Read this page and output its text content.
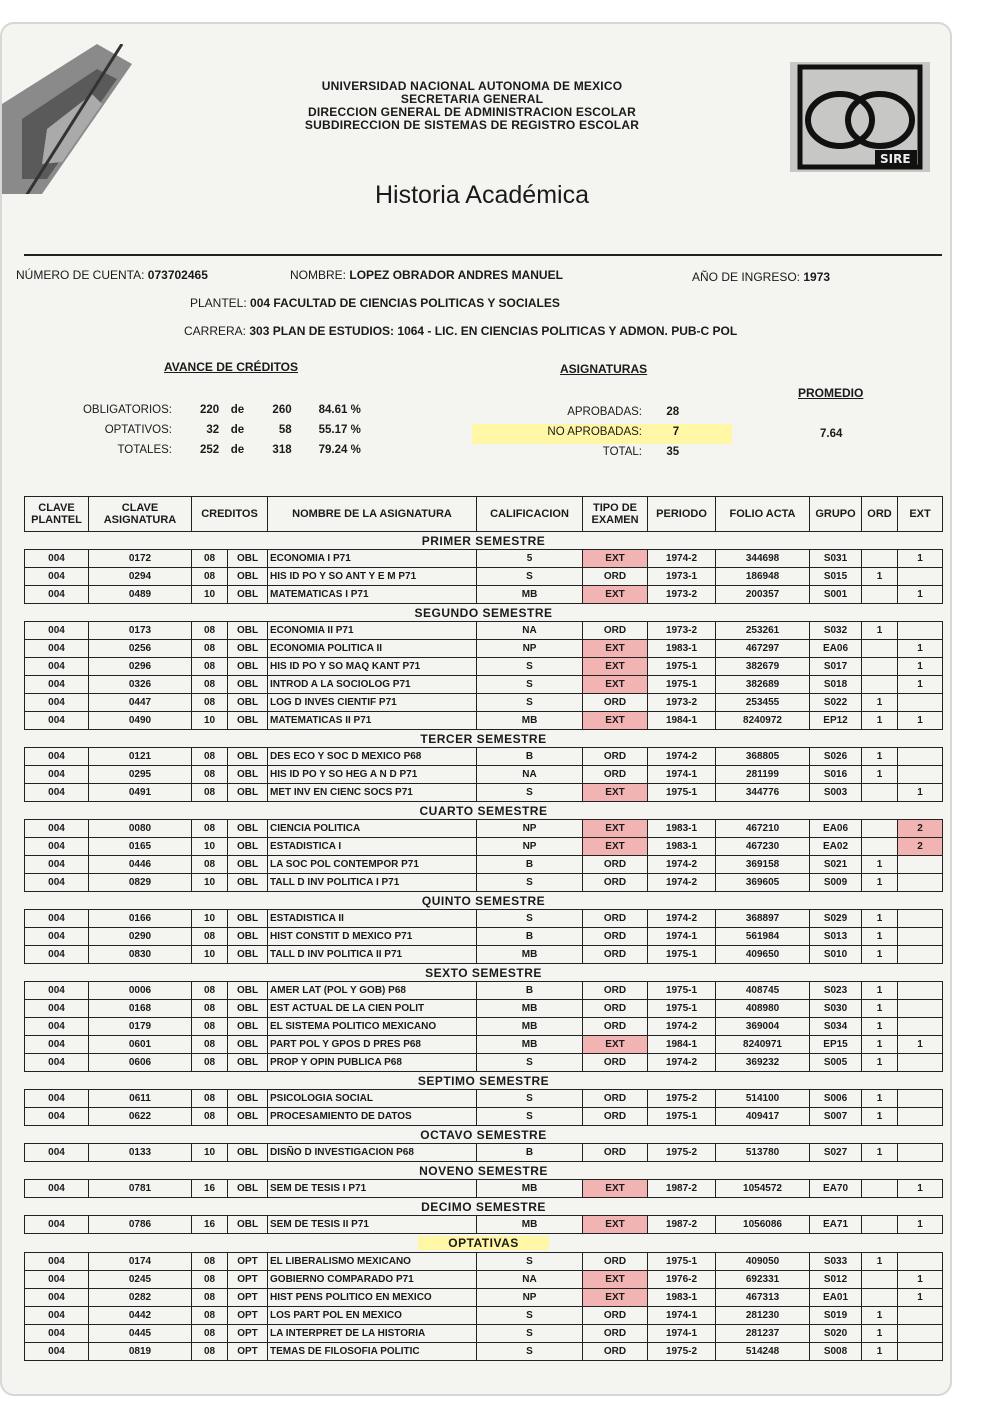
SIRE
UNIVERSIDAD NACIONAL AUTONOMA DE MEXICO
SECRETARIA GENERAL
DIRECCION GENERAL DE ADMINISTRACION ESCOLAR
SUBDIRECCION DE SISTEMAS DE REGISTRO ESCOLAR
Historia Académica
NÚMERO DE CUENTA: 073702465	NOMBRE: LOPEZ OBRADOR ANDRES MANUEL	AÑO DE INGRESO: 1973
PLANTEL: 004 FACULTAD DE CIENCIAS POLITICAS Y SOCIALES
CARRERA: 303 PLAN DE ESTUDIOS: 1064 - LIC. EN CIENCIAS POLITICAS Y ADMON. PUB-C POL
AVANCE DE CRÉDITOS	ASIGNATURAS
PROMEDIO
OBLIGATORIOS: 220 de 260 84.61 %
OPTATIVOS:	32 de	58 55.17 %
TOTALES: 252 de 318 79.24 %
APROBADAS: 28
NO APROBADAS:	7
TOTAL: 35
7.64
CLAVE PLANTEL	CLAVE ASIGNATURA	CREDITOS		NOMBRE DE LA ASIGNATURA	CALIFICACION	TIPO DE EXAMEN	PERIODO	FOLIO ACTA	GRUPO	ORD	EXT
PRIMER SEMESTRE											
004	0172	08	OBL	ECONOMIA I P71	5	EXT	1974-2	344698	S031		1
004	0294	08	OBL	HIS ID PO Y SO ANT Y E M P71	S	ORD	1973-1	186948	S015	1	
004	0489	10	OBL	MATEMATICAS I P71	MB	EXT	1973-2	200357	S001		1
SEGUNDO SEMESTRE											
004	0173	08	OBL	ECONOMIA II P71	NA	ORD	1973-2	253261	S032	1	
004	0256	08	OBL	ECONOMIA POLITICA II	NP	EXT	1983-1	467297	EA06		1
004	0296	08	OBL	HIS ID PO Y SO MAQ KANT P71	S	EXT	1975-1	382679	S017		1
004	0326	08	OBL	INTROD A LA SOCIOLOG P71	S	EXT	1975-1	382689	S018		1
004	0447	08	OBL	LOG D INVES CIENTIF P71	S	ORD	1973-2	253455	S022	1	
004	0490	10	OBL	MATEMATICAS II P71	MB	EXT	1984-1	8240972	EP12	1	1
TERCER SEMESTRE											
004	0121	08	OBL	DES ECO Y SOC D MEXICO P68	B	ORD	1974-2	368805	S026	1	
004	0295	08	OBL	HIS ID PO Y SO HEG A N D P71	NA	ORD	1974-1	281199	S016	1	
004	0491	08	OBL	MET INV EN CIENC SOCS P71	S	EXT	1975-1	344776	S003		1
CUARTO SEMESTRE											
004	0080	08	OBL	CIENCIA POLITICA	NP	EXT	1983-1	467210	EA06		2
004	0165	10	OBL	ESTADISTICA I	NP	EXT	1983-1	467230	EA02		2
004	0446	08	OBL	LA SOC POL CONTEMPOR P71	B	ORD	1974-2	369158	S021	1	
004	0829	10	OBL	TALL D INV POLITICA I P71	S	ORD	1974-2	369605	S009	1	
QUINTO SEMESTRE											
004	0166	10	OBL	ESTADISTICA II	S	ORD	1974-2	368897	S029	1	
004	0290	08	OBL	HIST CONSTIT D MEXICO P71	B	ORD	1974-1	561984	S013	1	
004	0830	10	OBL	TALL D INV POLITICA II P71	MB	ORD	1975-1	409650	S010	1	
SEXTO SEMESTRE											
004	0006	08	OBL	AMER LAT (POL Y GOB) P68	B	ORD	1975-1	408745	S023	1	
004	0168	08	OBL	EST ACTUAL DE LA CIEN POLIT	MB	ORD	1975-1	408980	S030	1	
004	0179	08	OBL	EL SISTEMA POLITICO MEXICANO	MB	ORD	1974-2	369004	S034	1	
004	0601	08	OBL	PART POL Y GPOS D PRES P68	MB	EXT	1984-1	8240971	EP15	1	1
004	0606	08	OBL	PROP Y OPIN PUBLICA P68	S	ORD	1974-2	369232	S005	1	
SEPTIMO SEMESTRE											
004	0611	08	OBL	PSICOLOGIA SOCIAL	S	ORD	1975-2	514100	S006	1	
004	0622	08	OBL	PROCESAMIENTO DE DATOS	S	ORD	1975-1	409417	S007	1	
OCTAVO SEMESTRE											
004	0133	10	OBL	DISÑO D INVESTIGACION P68	B	ORD	1975-2	513780	S027	1	
NOVENO SEMESTRE											
004	0781	16	OBL	SEM DE TESIS I P71	MB	EXT	1987-2	1054572	EA70		1
DECIMO SEMESTRE											
004	0786	16	OBL	SEM DE TESIS II P71	MB	EXT	1987-2	1056086	EA71		1
OPTATIVAS											
004	0174	08	OPT	EL LIBERALISMO MEXICANO	S	ORD	1975-1	409050	S033	1	
004	0245	08	OPT	GOBIERNO COMPARADO P71	NA	EXT	1976-2	692331	S012		1
004	0282	08	OPT	HIST PENS POLITICO EN MEXICO	NP	EXT	1983-1	467313	EA01		1
004	0442	08	OPT	LOS PART POL EN MEXICO	S	ORD	1974-1	281230	S019	1	
004	0445	08	OPT	LA INTERPRET DE LA HISTORIA	S	ORD	1974-1	281237	S020	1	
004	0819	08	OPT	TEMAS DE FILOSOFIA POLITIC	S	ORD	1975-2	514248	S008	1	
